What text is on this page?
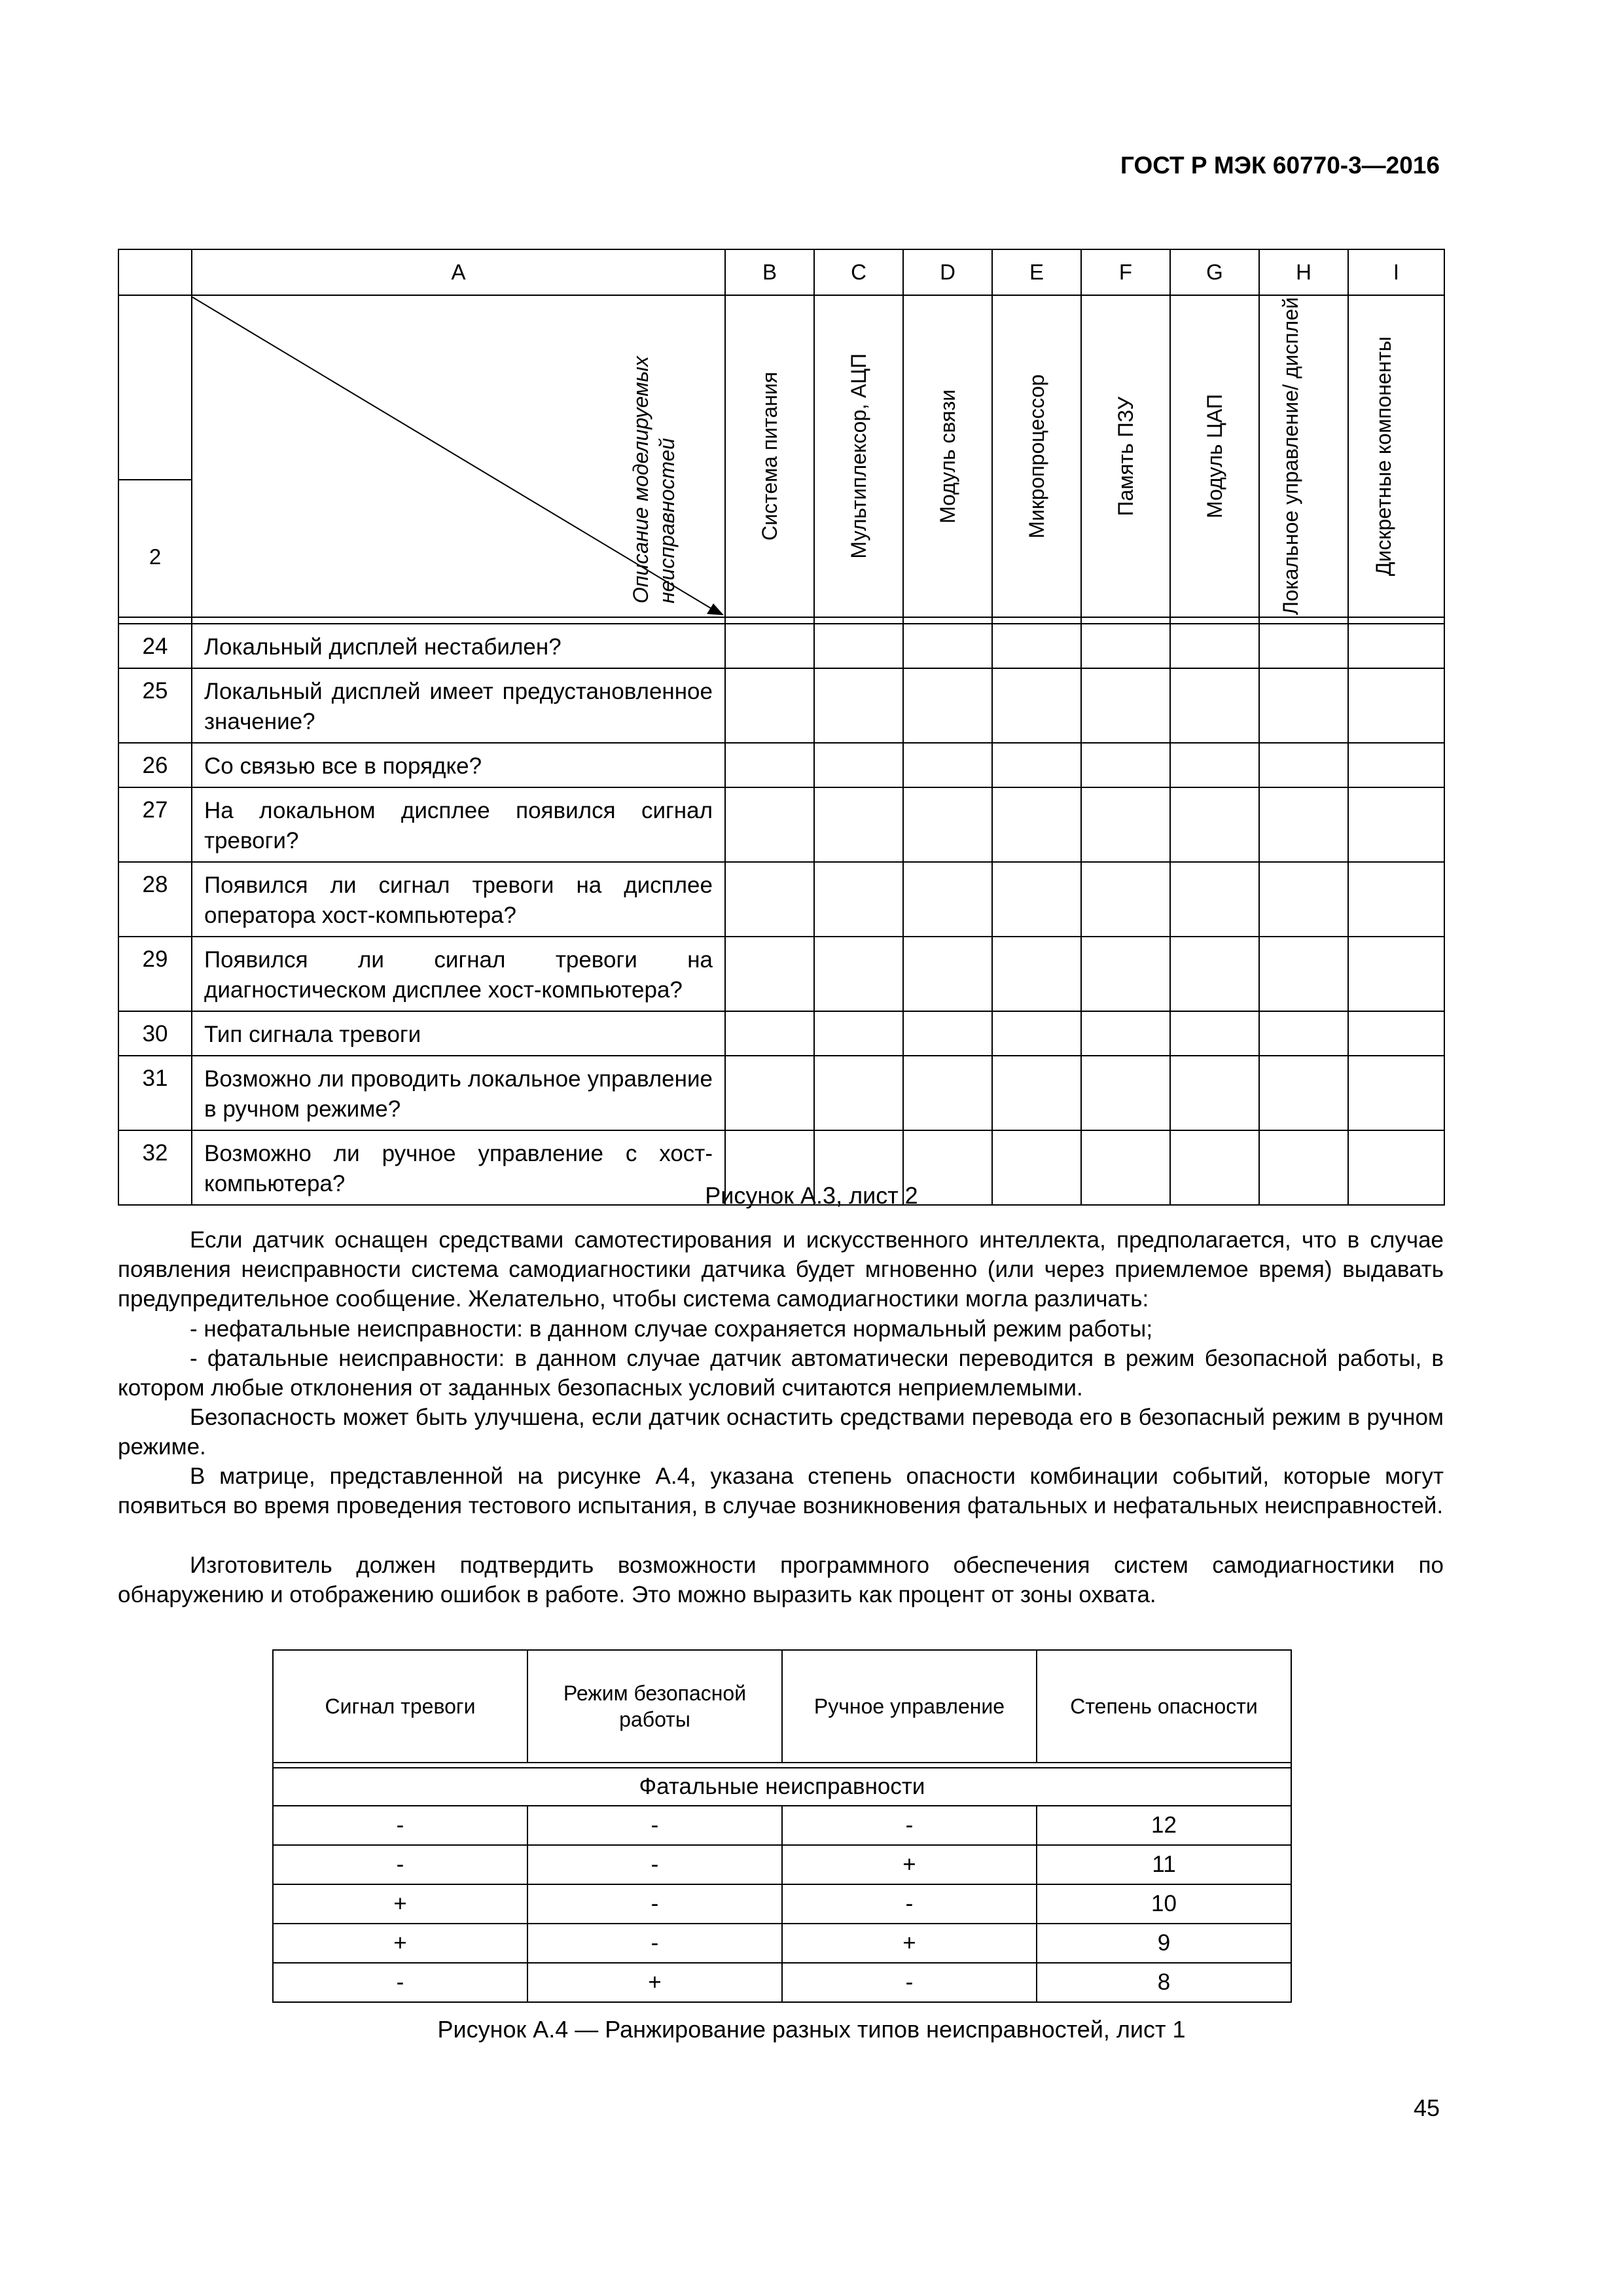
ГОСТ Р МЭК 60770-3—2016
	A	B	C	D	E	F	G	H	I

2	Описание моделируемых неисправностей	Система питания	Мультиплексор, АЦП	Модуль связи	Микропроцессор	Память ПЗУ	Модуль ЦАП	Локальное управление/ дисплей	Дискретные компоненты

24	Локальный дисплей нестабилен?								
25	Локальный дисплей имеет предустановленное значение?								
26	Со связью все в порядке?								
27	На локальном дисплее появился сигнал тревоги?								
28	Появился ли сигнал тревоги на дисплее оператора хост-компьютера?								
29	Появился ли сигнал тревоги на диагностическом дисплее хост-компьютера?								
30	Тип сигнала тревоги								
31	Возможно ли проводить локальное управление в ручном режиме?								
32	Возможно ли ручное управление с хост-компьютера?									Рисунок А.3, лист 2
Если датчик оснащен средствами самотестирования и искусственного интеллекта, предполагается, что в случае появления неисправности система самодиагностики датчика будет мгновенно (или через приемлемое время) выдавать предупредительное сообщение. Желательно, чтобы система самодиагностики могла различать:
- нефатальные неисправности: в данном случае сохраняется нормальный режим работы;
- фатальные неисправности: в данном случае датчик автоматически переводится в режим безопасной работы, в котором любые отклонения от заданных безопасных условий считаются неприемлемыми.
Безопасность может быть улучшена, если датчик оснастить средствами перевода его в безопасный режим в ручном режиме.
В матрице, представленной на рисунке А.4, указана степень опасности комбинации событий, которые могут появиться во время проведения тестового испытания, в случае возникновения фатальных и нефатальных неисправностей.
Изготовитель должен подтвердить возможности программного обеспечения систем самодиагностики по обнаружению и отображению ошибок в работе. Это можно выразить как процент от зоны охвата.
Сигнал тревоги	Режим безопасной работы	Ручное управление	Степень опасности

Фатальные неисправности			
-	-	-	12
-	-	+	11
+	-	-	10
+	-	+	9
-	+	-	8
Рисунок А.4 — Ранжирование разных типов неисправностей, лист 1
45
